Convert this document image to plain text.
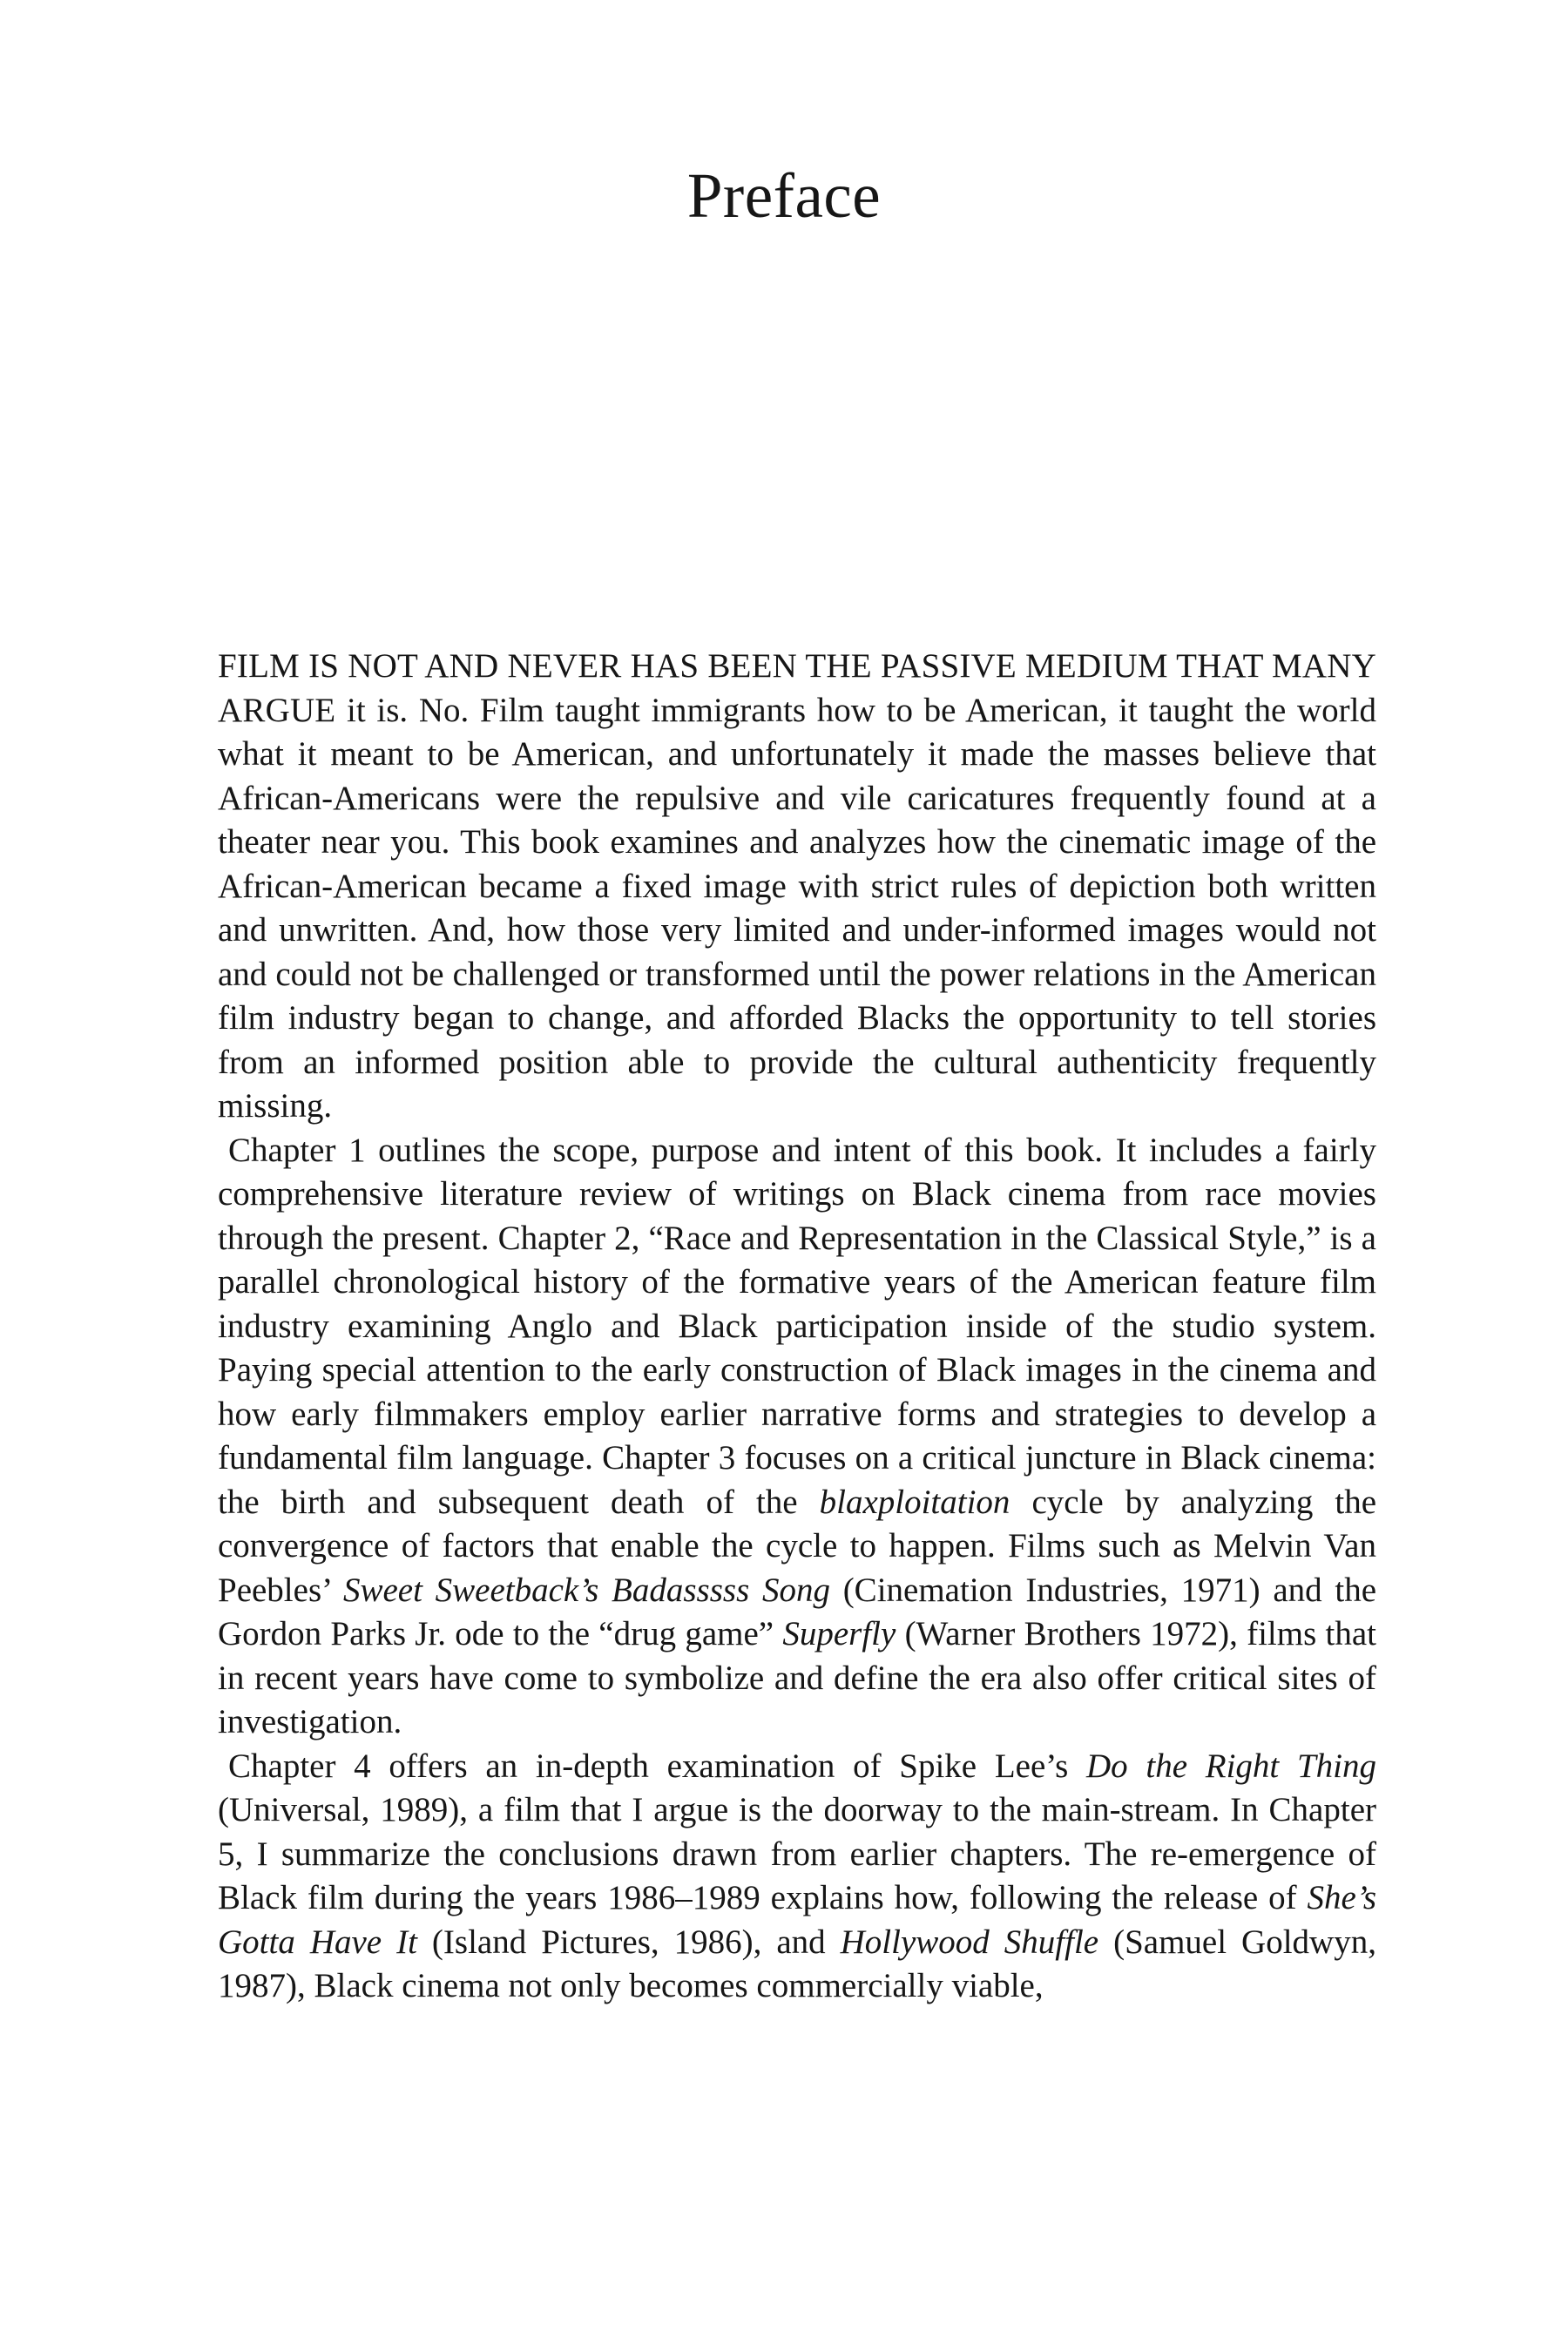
Preface

FILM IS NOT AND NEVER HAS BEEN THE PASSIVE MEDIUM THAT MANY ARGUE it is. No. Film taught immigrants how to be American, it taught the world what it meant to be American, and unfortunately it made the masses believe that African-Americans were the repulsive and vile caricatures frequently found at a theater near you. This book examines and analyzes how the cinematic image of the African-American became a fixed image with strict rules of depiction both written and unwritten. And, how those very limited and under-informed images would not and could not be challenged or transformed until the power relations in the American film industry began to change, and afforded Blacks the opportunity to tell stories from an informed position able to provide the cultural authenticity frequently missing.

Chapter 1 outlines the scope, purpose and intent of this book. It includes a fairly comprehensive literature review of writings on Black cinema from race movies through the present. Chapter 2, “Race and Representation in the Classical Style,” is a parallel chronological history of the formative years of the American feature film industry examining Anglo and Black participation inside of the studio system. Paying special attention to the early construction of Black images in the cinema and how early filmmakers employ earlier narrative forms and strategies to develop a fundamental film language. Chapter 3 focuses on a critical juncture in Black cinema: the birth and subsequent death of the blaxploitation cycle by analyzing the convergence of factors that enable the cycle to happen. Films such as Melvin Van Peebles’ Sweet Sweetback’s Badasssss Song (Cinemation Industries, 1971) and the Gordon Parks Jr. ode to the “drug game” Superfly (Warner Brothers 1972), films that in recent years have come to symbolize and define the era also offer critical sites of investigation.

Chapter 4 offers an in-depth examination of Spike Lee’s Do the Right Thing (Universal, 1989), a film that I argue is the doorway to the main-stream. In Chapter 5, I summarize the conclusions drawn from earlier chapters. The re-emergence of Black film during the years 1986–1989 explains how, following the release of She’s Gotta Have It (Island Pictures, 1986), and Hollywood Shuffle (Samuel Goldwyn, 1987), Black cinema not only becomes commercially viable,
